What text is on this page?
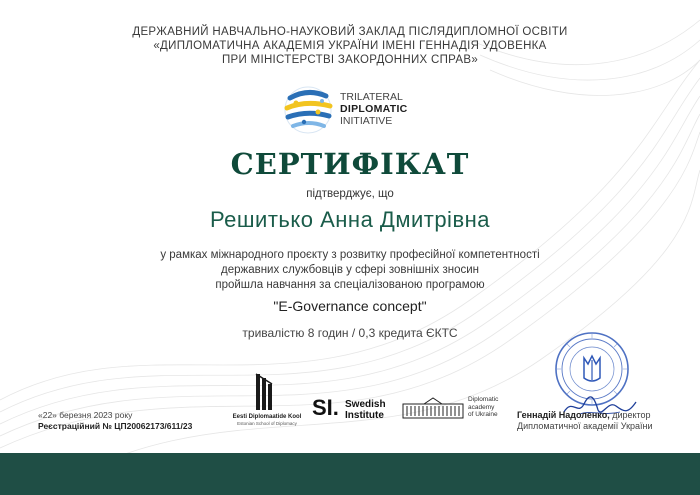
ДЕРЖАВНИЙ НАВЧАЛЬНО-НАУКОВИЙ ЗАКЛАД ПІСЛЯДИПЛОМНОЇ ОСВІТИ
«ДИПЛОМАТИЧНА АКАДЕМІЯ УКРАЇНИ ІМЕНІ ГЕННАДІЯ УДОВЕНКА
ПРИ МІНІСТЕРСТВІ ЗАКОРДОННИХ СПРАВ»
TRILATERAL
DIPLOMATIC
INITIATIVE
СЕРТИФІКАТ
підтверджує, що
Решитько Анна Дмитрівна
у рамках міжнародного проєкту з розвитку професійної компетентності
державних службовців у сфері зовнішніх зносин
пройшла навчання за спеціалізованою програмою
"E-Governance concept"
тривалістю 8 годин / 0,3 кредита ЄКТС
«22» березня 2023 року
Реєстраційний № ЦП20062173/611/23
Eesti Diplomaatide Kool
Estonian School of Diplomacy
SI. Swedish
Institute
Diplomatic
academy
of Ukraine Геннадій Надоленко, директор
Дипломатичної академії України
